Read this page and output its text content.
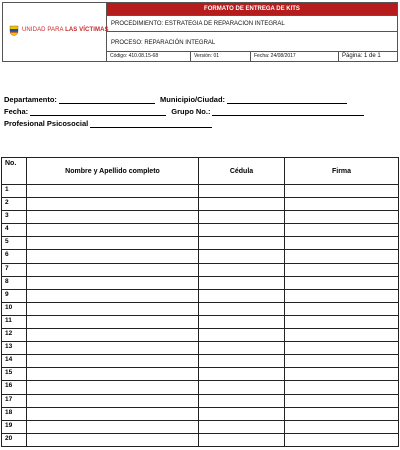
UNIDAD PARA LAS VÍCTIMAS
FORMATO DE ENTREGA DE KITS
PROCEDIMIENTO: ESTRATEGIA DE REPARACION INTEGRAL
PROCESO: REPARACIÓN INTEGRAL
Código: 410.08.15-68	Versión: 01	Fecha: 24/08/2017	Página: 1 de 1
Departamento:	Municipio/Ciudad:
Fecha:	Grupo No.:
Profesional Psicosocial
No.	Nombre y Apellido completo	Cédula	Firma
1			
2			
3			
4			
5			
6			
7			
8			
9			
10			
11			
12			
13			
14			
15			
16			
17			
18			
19			
20			
